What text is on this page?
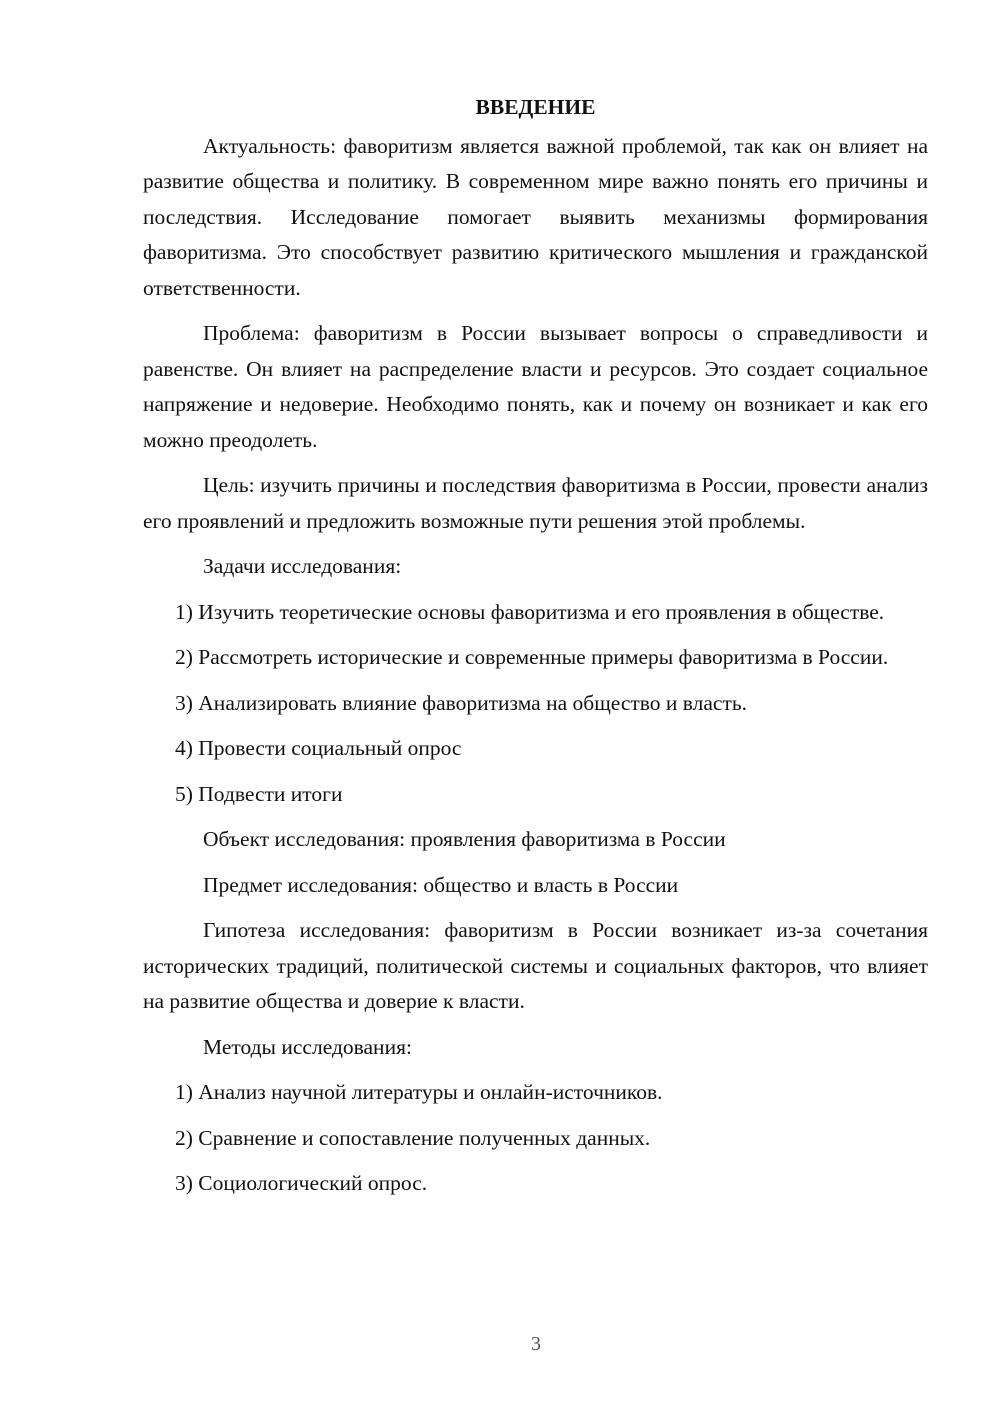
ВВЕДЕНИЕ

Актуальность: фаворитизм является важной проблемой, так как он влияет на развитие общества и политику. В современном мире важно понять его причины и последствия. Исследование помогает выявить механизмы формирования фаворитизма. Это способствует развитию критического мышления и гражданской ответственности.

Проблема: фаворитизм в России вызывает вопросы о справедливости и равенстве. Он влияет на распределение власти и ресурсов. Это создает социальное напряжение и недоверие. Необходимо понять, как и почему он возникает и как его можно преодолеть.

Цель: изучить причины и последствия фаворитизма в России, провести анализ его проявлений и предложить возможные пути решения этой проблемы.

Задачи исследования:

1) Изучить теоретические основы фаворитизма и его проявления в обществе.

2) Рассмотреть исторические и современные примеры фаворитизма в России.

3) Анализировать влияние фаворитизма на общество и власть.

4) Провести социальный опрос

5) Подвести итоги

Объект исследования: проявления фаворитизма в России

Предмет исследования: общество и власть в России

Гипотеза исследования: фаворитизм в России возникает из-за сочетания исторических традиций, политической системы и социальных факторов, что влияет на развитие общества и доверие к власти.

Методы исследования:

1) Анализ научной литературы и онлайн-источников.

2) Сравнение и сопоставление полученных данных.

3) Социологический опрос.

3
